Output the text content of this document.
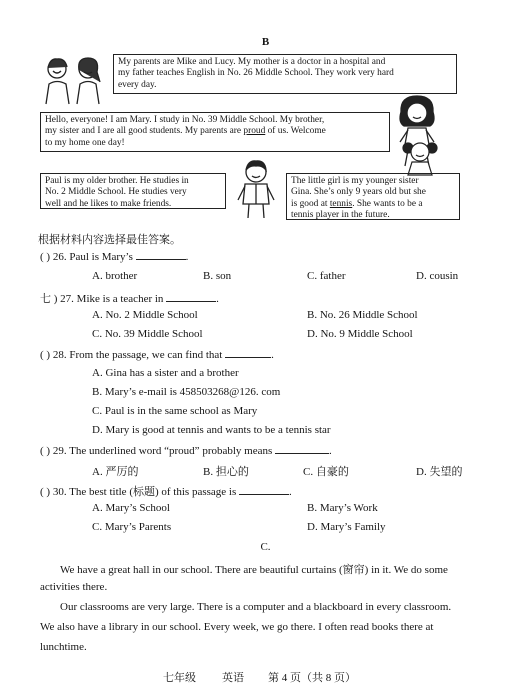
B
My parents are Mike and Lucy. My mother is a doctor in a hospital and
my father teaches English in No. 26 Middle School. They work very hard
every day.
Hello, everyone! I am Mary. I study in No. 39 Middle School. My brother,
my sister and I are all good students. My parents are proud of us. Welcome
to my home one day!
Paul is my older brother. He studies in
No. 2 Middle School. He studies very
well and he likes to make friends.
The little girl is my younger sister
Gina. She’s only 9 years old but she
is good at tennis. She wants to be a
tennis player in the future.
根据材料内容选择最佳答案。
( ) 26. Paul is Mary’s	.
A. brother	B. son	C. father	D. cousin
七 ) 27. Mike is a teacher in	.
A. No. 2 Middle School	B. No. 26 Middle School
C. No. 39 Middle School	D. No. 9 Middle School
( ) 28. From the passage, we can find that	.
A. Gina has a sister and a brother
B. Mary’s e-mail is 458503268@126. com
C. Paul is in the same school as Mary
D. Mary is good at tennis and wants to be a tennis star
( ) 29. The underlined word “proud” probably means	.
A. 严厉的	B. 担心的	C. 自豪的	D. 失望的
( ) 30. The best title (标题) of this passage is	.
A. Mary’s School	B. Mary’s Work
C. Mary’s Parents	D. Mary’s Family
C.
We have a great hall in our school. There are beautiful curtains (窗帘) in it. We do some
activities there.
Our classrooms are very large. There is a computer and a blackboard in every classroom.
We also have a library in our school. Every week, we go there. I often read books there at
lunchtime.
七年级 英语 第 4 页（共 8 页）
